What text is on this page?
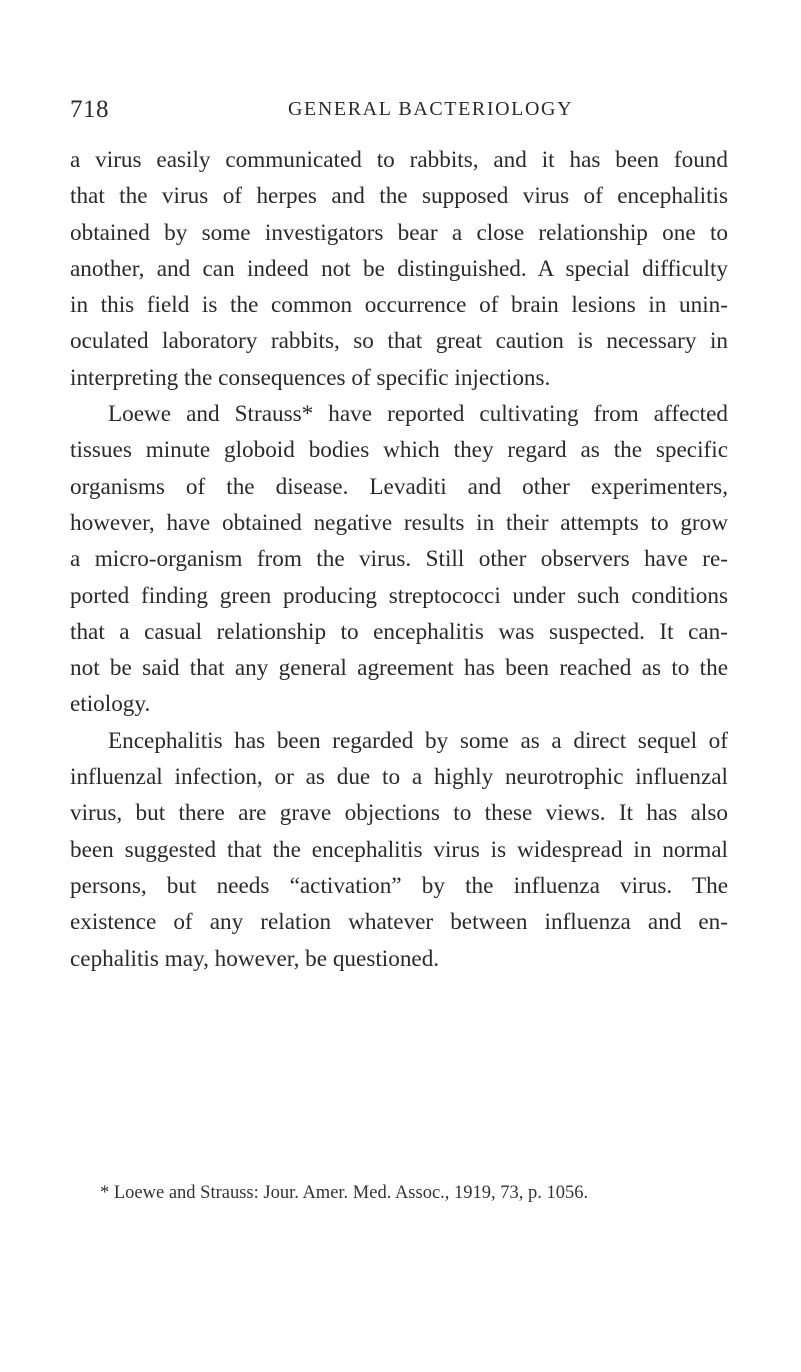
718	GENERAL BACTERIOLOGY
a virus easily communicated to rabbits, and it has been found
that the virus of herpes and the supposed virus of encephalitis
obtained by some investigators bear a close relationship one to
another, and can indeed not be distinguished. A special difficulty
in this field is the common occurrence of brain lesions in unin-
oculated laboratory rabbits, so that great caution is necessary in
interpreting the consequences of specific injections.
Loewe and Strauss* have reported cultivating from affected
tissues minute globoid bodies which they regard as the specific
organisms of the disease. Levaditi and other experimenters,
however, have obtained negative results in their attempts to grow
a micro-organism from the virus. Still other observers have re-
ported finding green producing streptococci under such conditions
that a casual relationship to encephalitis was suspected. It can-
not be said that any general agreement has been reached as to the
etiology.
Encephalitis has been regarded by some as a direct sequel of
influenzal infection, or as due to a highly neurotrophic influenzal
virus, but there are grave objections to these views. It has also
been suggested that the encephalitis virus is widespread in normal
persons, but needs “activation” by the influenza virus. The
existence of any relation whatever between influenza and en-
cephalitis may, however, be questioned.
* Loewe and Strauss: Jour. Amer. Med. Assoc., 1919, 73, p. 1056.
